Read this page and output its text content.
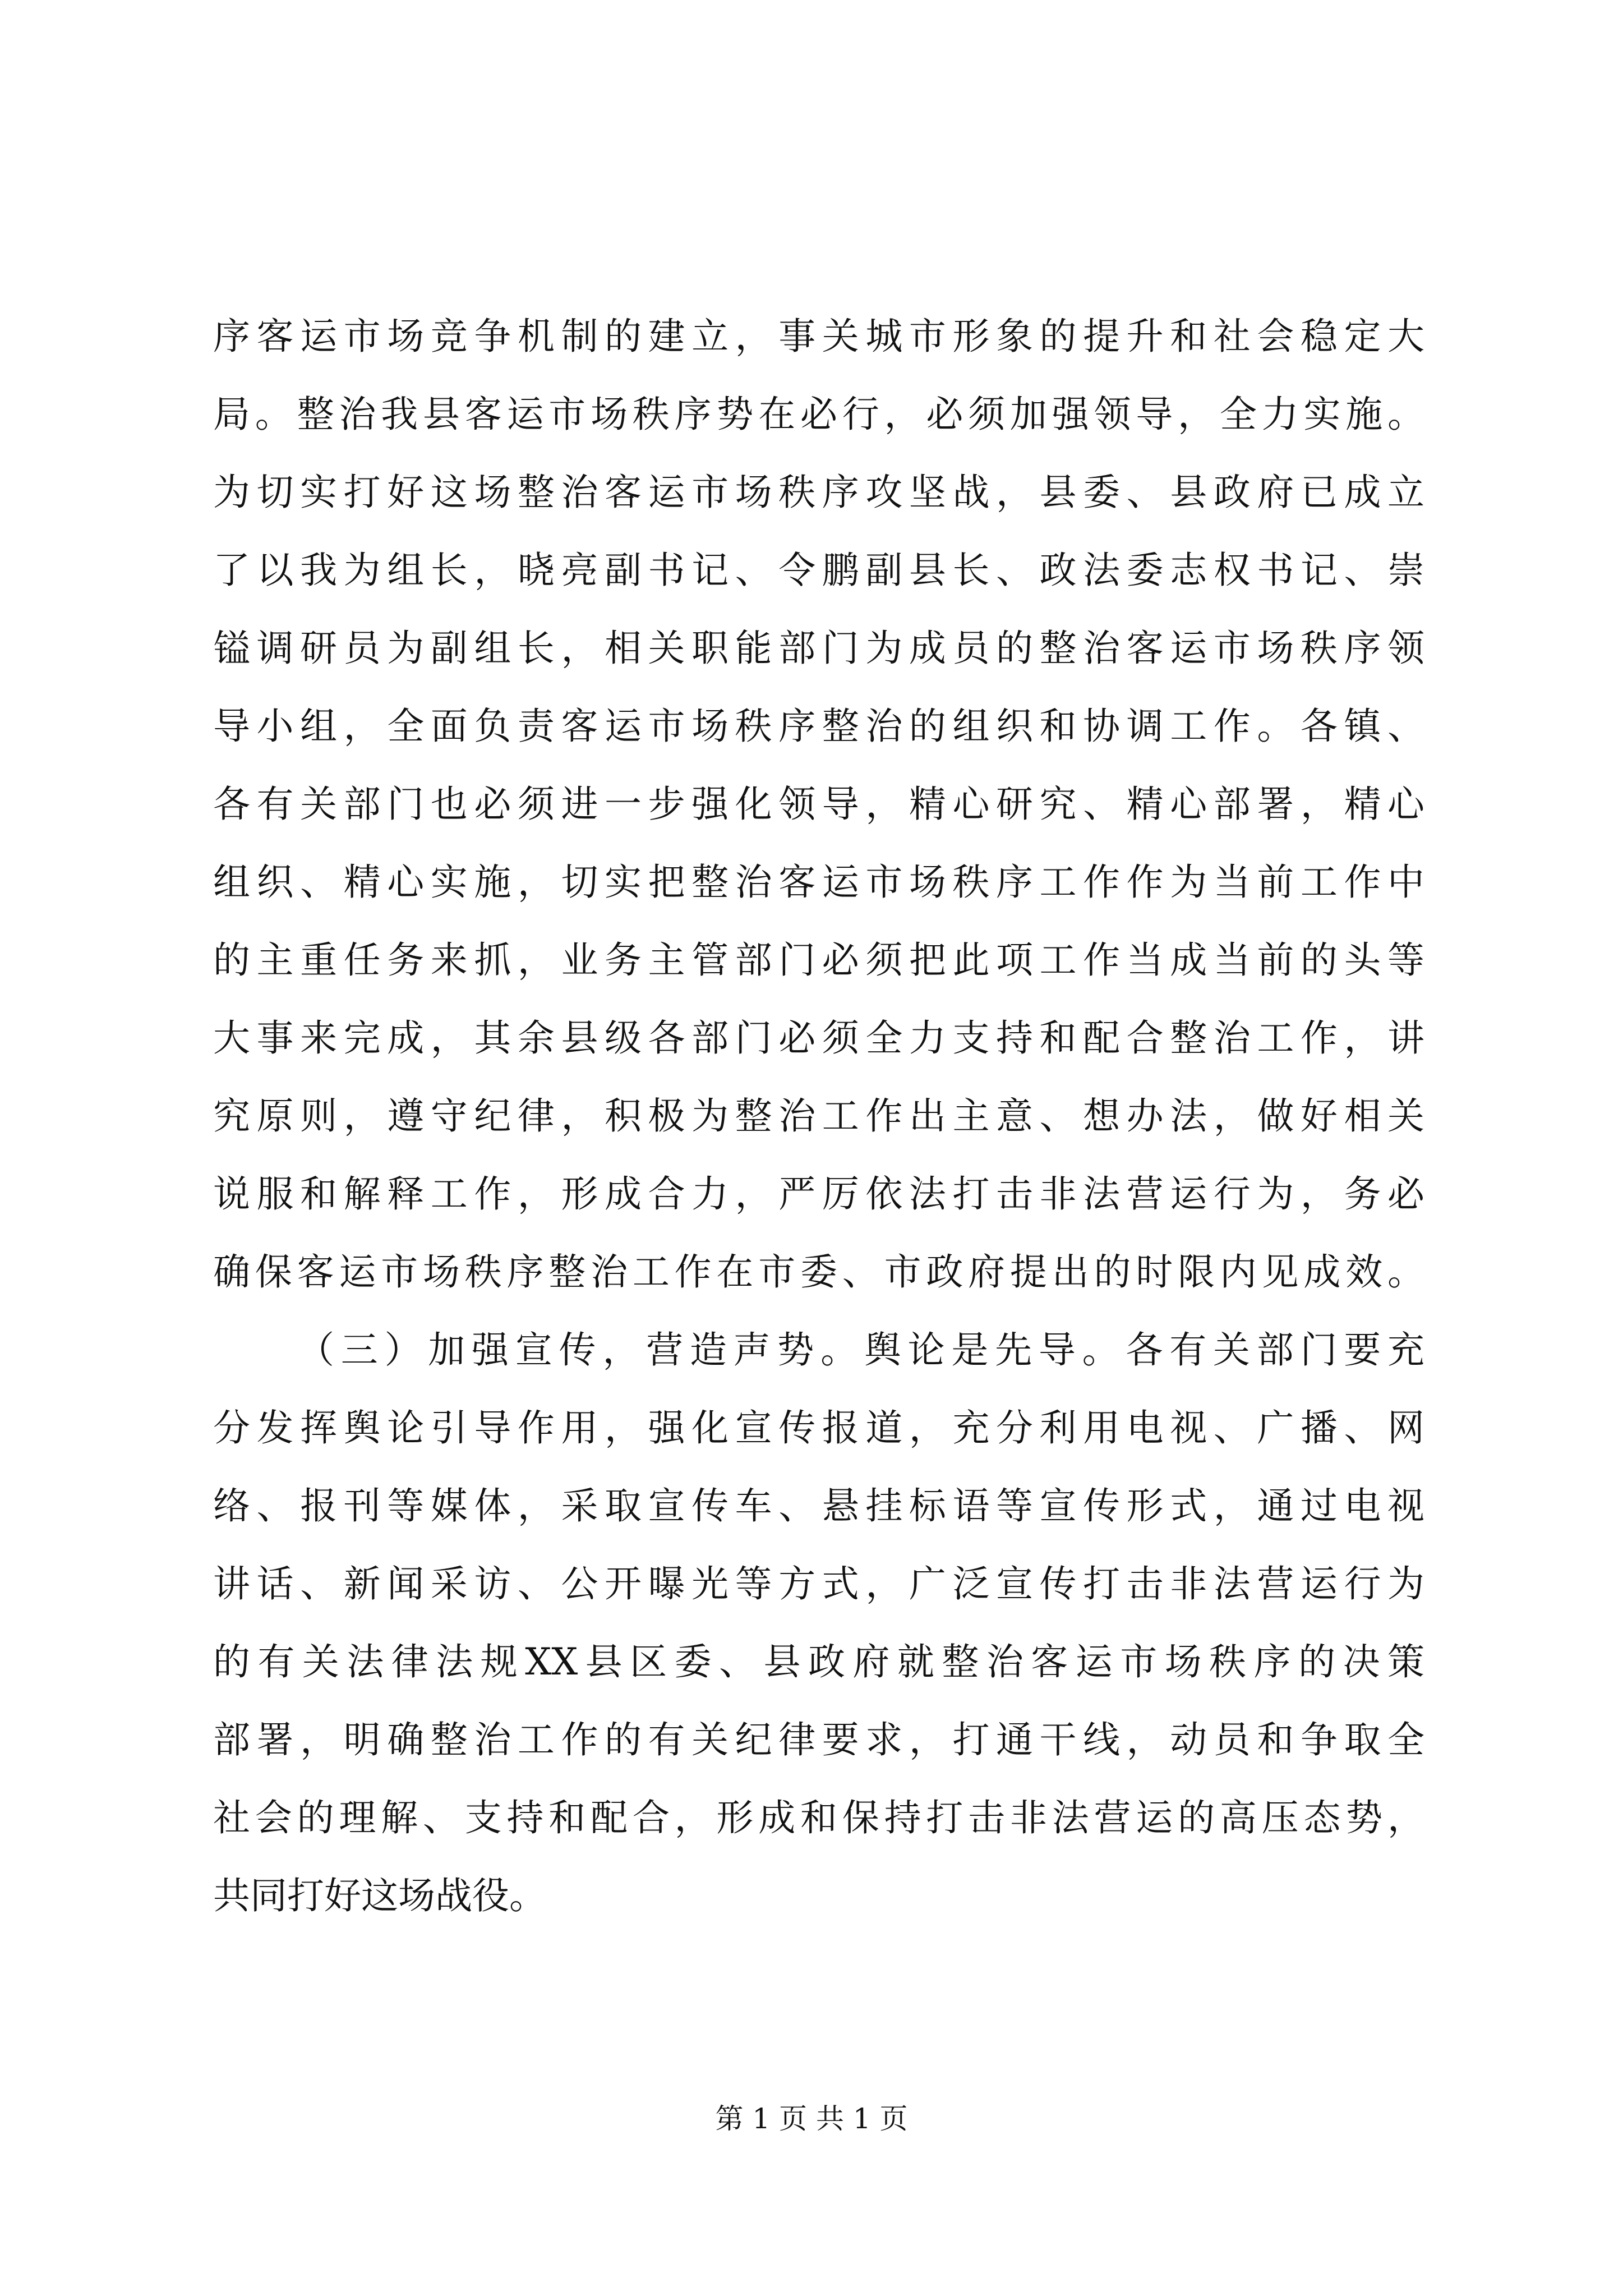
序客运市场竞争机制的建立，事关城市形象的提升和社会稳定大
局。整治我县客运市场秩序势在必行，必须加强领导，全力实施。
为切实打好这场整治客运市场秩序攻坚战，县委、县政府已成立
了以我为组长，晓亮副书记、令鹏副县长、政法委志权书记、崇
镒调研员为副组长，相关职能部门为成员的整治客运市场秩序领
导小组，全面负责客运市场秩序整治的组织和协调工作。各镇、
各有关部门也必须进一步强化领导，精心研究、精心部署，精心
组织、精心实施，切实把整治客运市场秩序工作作为当前工作中
的主重任务来抓，业务主管部门必须把此项工作当成当前的头等
大事来完成，其余县级各部门必须全力支持和配合整治工作，讲
究原则，遵守纪律，积极为整治工作出主意、想办法，做好相关
说服和解释工作，形成合力，严厉依法打击非法营运行为，务必
确保客运市场秩序整治工作在市委、市政府提出的时限内见成效。
（三）加强宣传，营造声势。舆论是先导。各有关部门要充
分发挥舆论引导作用，强化宣传报道，充分利用电视、广播、网
络、报刊等媒体，采取宣传车、悬挂标语等宣传形式，通过电视
讲话、新闻采访、公开曝光等方式，广泛宣传打击非法营运行为
的有关法律法规XX县区委、县政府就整治客运市场秩序的决策
部署，明确整治工作的有关纪律要求，打通干线，动员和争取全
社会的理解、支持和配合，形成和保持打击非法营运的高压态势，
共同打好这场战役。
第 1 页 共 1 页
